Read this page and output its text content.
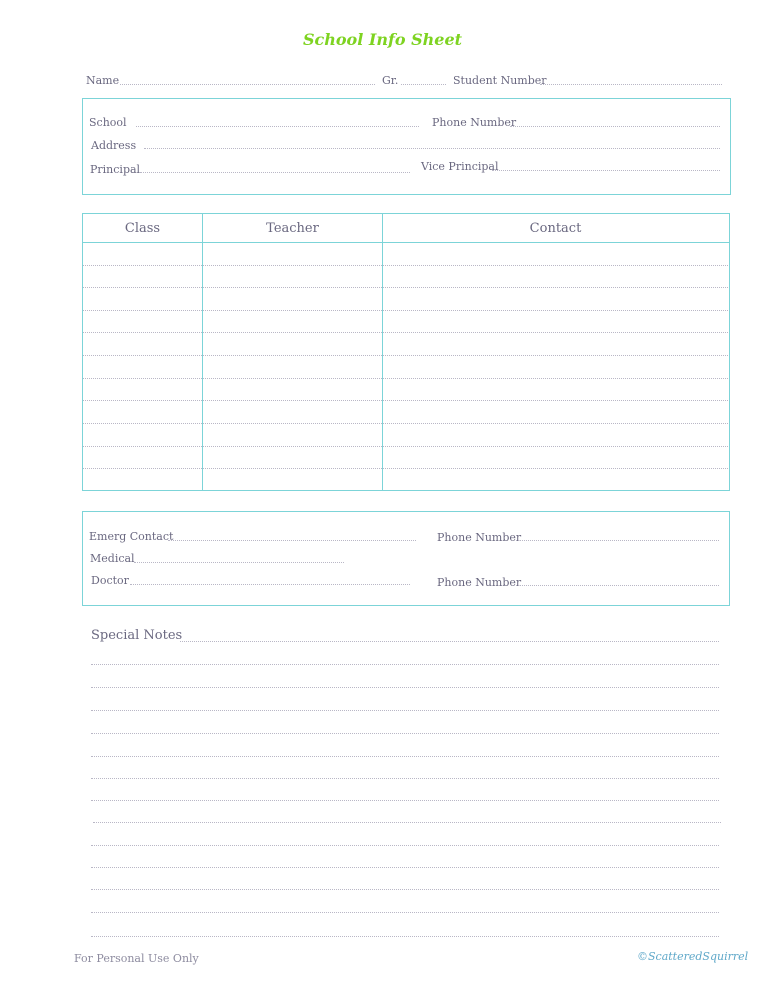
School Info Sheet
Name	Gr.	Student Number
School	Phone Number
Address
Principal	Vice Principal
Class	Teacher	Contact
Emerg Contact	Phone Number
Medical
Doctor	Phone Number
Special Notes
For Personal Use Only	©ScatteredSquirrel
